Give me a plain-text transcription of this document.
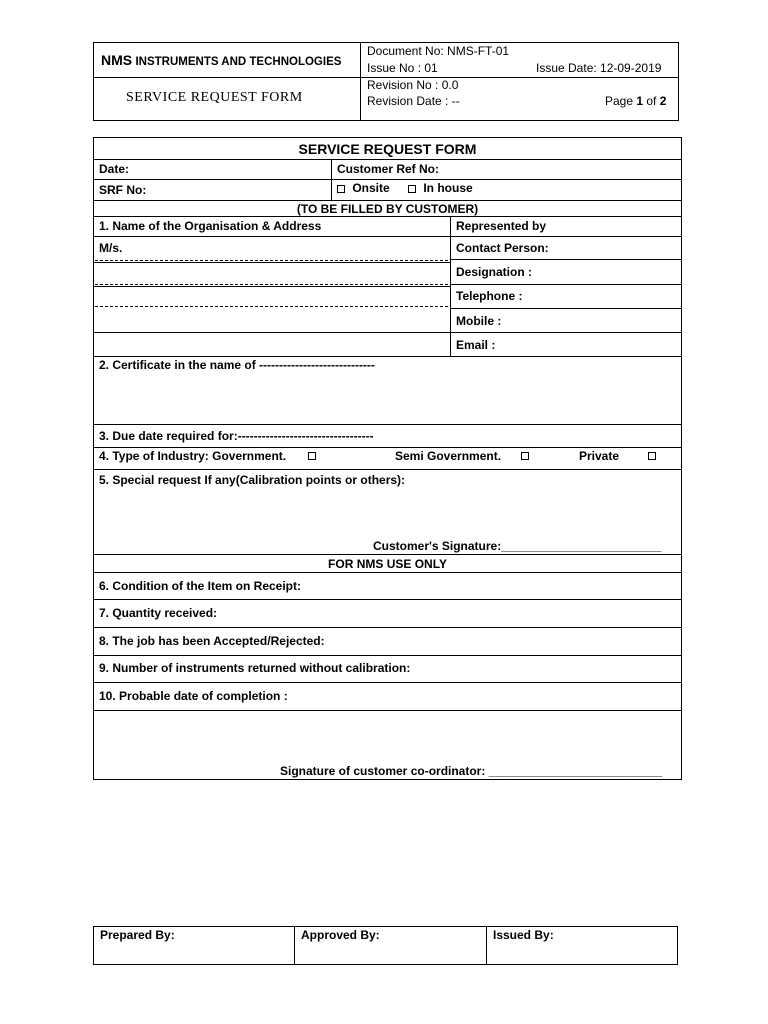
NMS INSTRUMENTS AND TECHNOLOGIES
SERVICE REQUEST FORM
Document No: NMS-FT-01
Issue No : 01	Issue Date: 12-09-2019
Revision No : 0.0
Revision Date : --	Page 1 of 2
SERVICE REQUEST FORM
Date:	Customer Ref No:
SRF No:	Onsite	In house
(TO BE FILLED BY CUSTOMER)
1. Name of the Organisation & Address	Represented by
M/s.	Contact Person:
Designation :
Telephone :
Mobile :
Email :
2. Certificate in the name of -----------------------------
3. Due date required for:----------------------------------
4. Type of Industry: Government.	Semi Government.	Private
5. Special request If any(Calibration points or others):
Customer's Signature:________________________
FOR NMS USE ONLY
6. Condition of the Item on Receipt:
7. Quantity received:
8. The job has been Accepted/Rejected:
9. Number of instruments returned without calibration:
10. Probable date of completion :
Signature of customer co-ordinator: __________________________
Prepared By:	Approved By:	Issued By:
